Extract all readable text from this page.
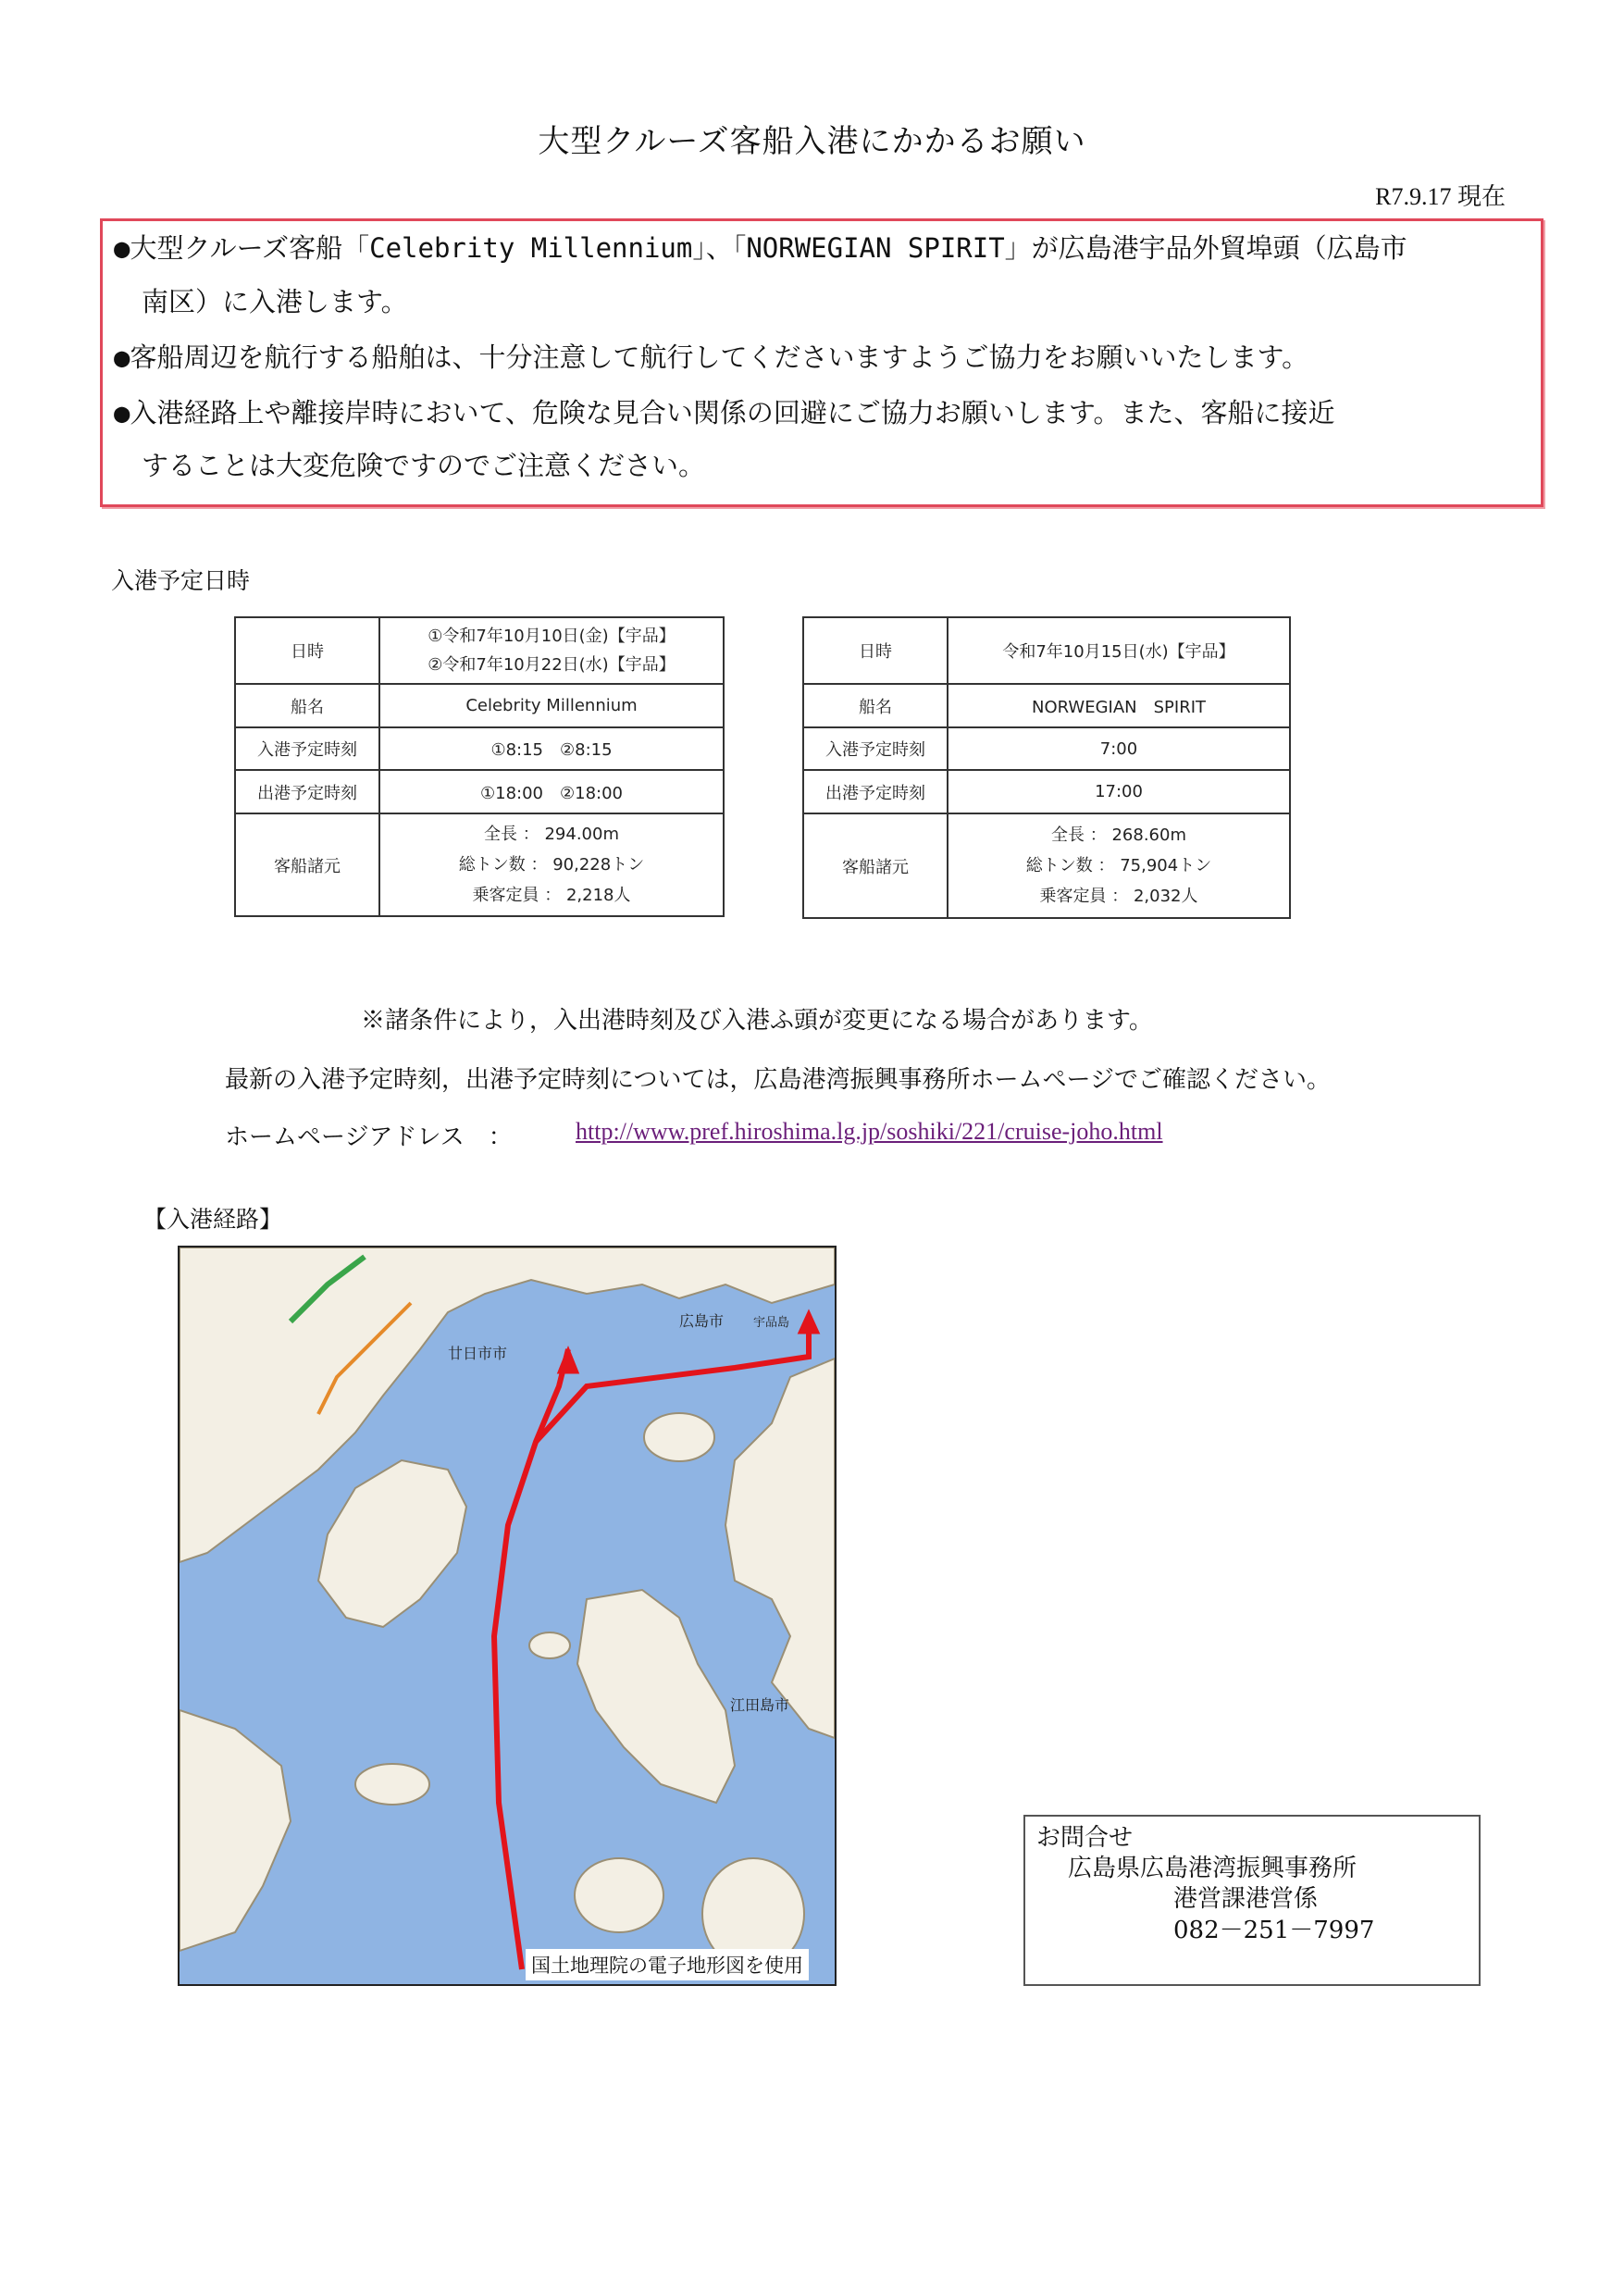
大型クルーズ客船入港にかかるお願い
R7.9.17 現在

●大型クルーズ客船「Celebrity Millennium」、「NORWEGIAN SPIRIT」が広島港宇品外貿埠頭（広島市

南区）に入港します。

●客船周辺を航行する船舶は、十分注意して航行してくださいますようご協力をお願いいたします。

●入港経路上や離接岸時において、危険な見合い関係の回避にご協力お願いします。また、客船に接近

することは大変危険ですのでご注意ください。

入港予定日時
日時	①令和7年10月10日(金)【宇品】
②令和7年10月22日(水)【宇品】

船名	Celebrity Millennium
入港予定時刻	①8:15　②8:15
出港予定時刻	①18:00　②18:00
客船諸元	全長 ： 294.00m
総トン数 ： 90,228トン
乗客定員 ： 2,218人
日時	令和7年10月15日(水)【宇品】
船名	NORWEGIAN　SPIRIT
入港予定時刻	7:00
出港予定時刻	17:00
客船諸元	全長 ： 268.60m
総トン数 ： 75,904トン
乗客定員 ： 2,032人
※諸条件により，入出港時刻及び入港ふ頭が変更になる場合があります。
最新の入港予定時刻，出港予定時刻については，広島港湾振興事務所ホームページでご確認ください。
ホームページアドレス　：	http://www.pref.hiroshima.lg.jp/soshiki/221/cruise-joho.html
【入港経路】
広島市
廿日市市
江田島市
宇品島
国土地理院の電子地形図を使用
お問合せ
広島県広島港湾振興事務所
港営課港営係
082－251－7997
